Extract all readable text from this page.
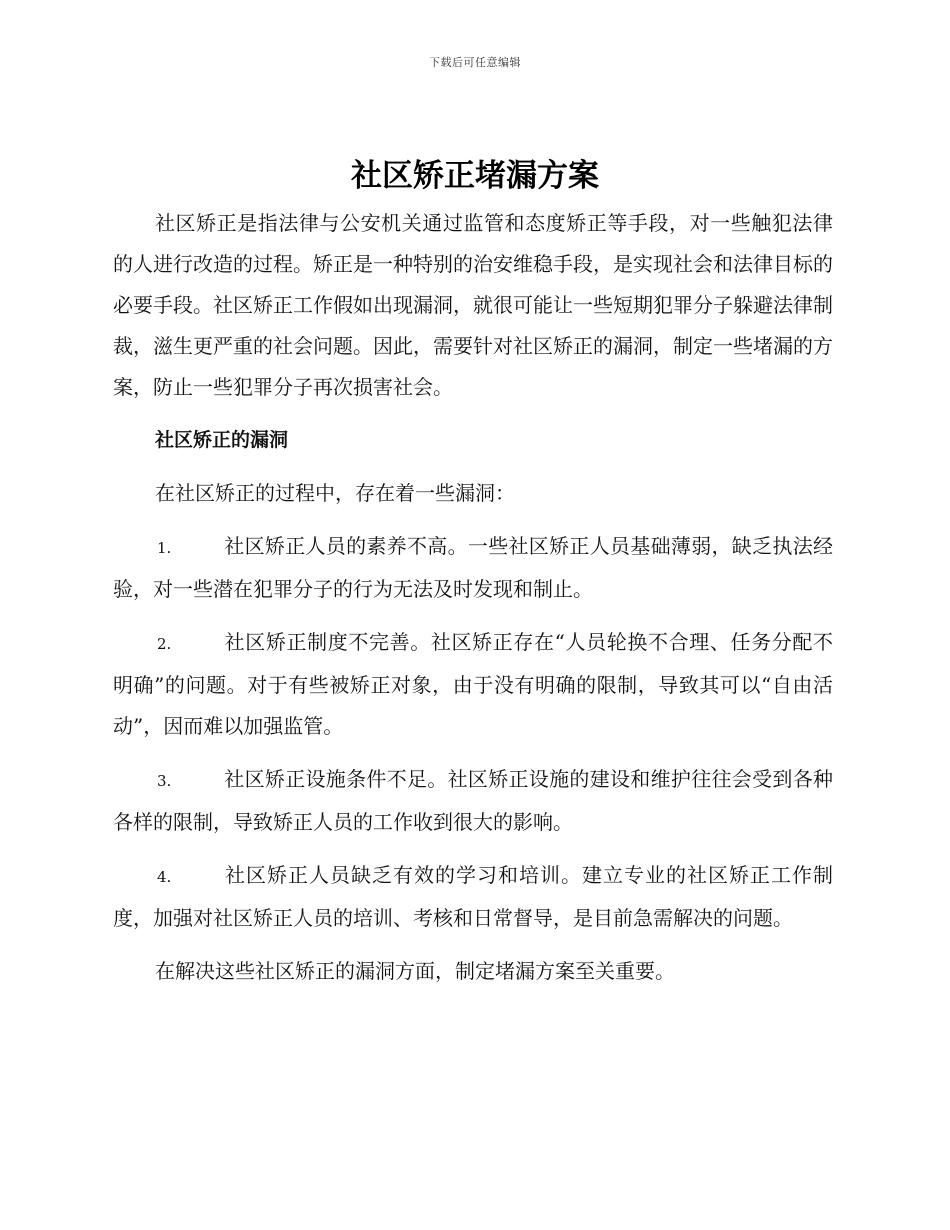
下载后可任意编辑
社区矫正堵漏方案

社区矫正是指法律与公安机关通过监管和态度矫正等手段，对一些触犯法律的人进行改造的过程。矫正是一种特别的治安维稳手段，是实现社会和法律目标的必要手段。社区矫正工作假如出现漏洞，就很可能让一些短期犯罪分子躲避法律制裁，滋生更严重的社会问题。因此，需要针对社区矫正的漏洞，制定一些堵漏的方案，防止一些犯罪分子再次损害社会。

社区矫正的漏洞

在社区矫正的过程中，存在着一些漏洞：

1.	社区矫正人员的素养不高。一些社区矫正人员基础薄弱，缺乏执法经验，对一些潜在犯罪分子的行为无法及时发现和制止。

2.	社区矫正制度不完善。社区矫正存在“人员轮换不合理、任务分配不明确”的问题。对于有些被矫正对象，由于没有明确的限制，导致其可以“自由活动”，因而难以加强监管。

3.	社区矫正设施条件不足。社区矫正设施的建设和维护往往会受到各种各样的限制，导致矫正人员的工作收到很大的影响。

4.	社区矫正人员缺乏有效的学习和培训。建立专业的社区矫正工作制度，加强对社区矫正人员的培训、考核和日常督导，是目前急需解决的问题。

在解决这些社区矫正的漏洞方面，制定堵漏方案至关重要。
